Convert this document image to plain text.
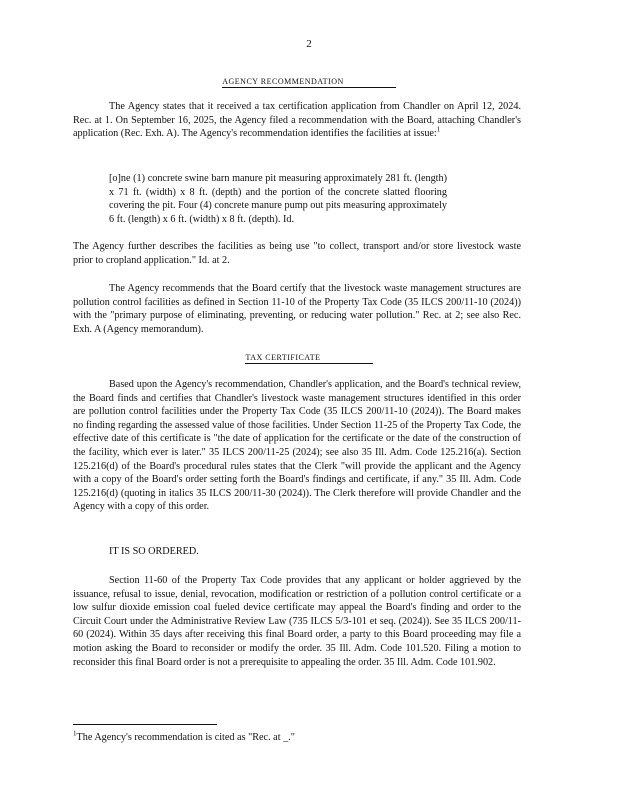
2
AGENCY RECOMMENDATION
The Agency states that it received a tax certification application from Chandler on April 12, 2024. Rec. at 1. On September 16, 2025, the Agency filed a recommendation with the Board, attaching Chandler's application (Rec. Exh. A). The Agency's recommendation identifies the facilities at issue:$^1$
[o]ne (1) concrete swine barn manure pit measuring approximately 281 ft. (length) x 71 ft. (width) x 8 ft. (depth) and the portion of the concrete slatted flooring covering the pit. Four (4) concrete manure pump out pits measuring approximately 6 ft. (length) x 6 ft. (width) x 8 ft. (depth). Id.
The Agency further describes the facilities as being use "to collect, transport and/or store livestock waste prior to cropland application." Id. at 2.
The Agency recommends that the Board certify that the livestock waste management structures are pollution control facilities as defined in Section 11-10 of the Property Tax Code (35 ILCS 200/11-10 (2024)) with the "primary purpose of eliminating, preventing, or reducing water pollution." Rec. at 2; see also Rec. Exh. A (Agency memorandum).
TAX CERTIFICATE
Based upon the Agency's recommendation, Chandler's application, and the Board's technical review, the Board finds and certifies that Chandler's livestock waste management structures identified in this order are pollution control facilities under the Property Tax Code (35 ILCS 200/11-10 (2024)). The Board makes no finding regarding the assessed value of those facilities. Under Section 11-25 of the Property Tax Code, the effective date of this certificate is "the date of application for the certificate or the date of the construction of the facility, which ever is later." 35 ILCS 200/11-25 (2024); see also 35 Ill. Adm. Code 125.216(a). Section 125.216(d) of the Board's procedural rules states that the Clerk "will provide the applicant and the Agency with a copy of the Board's order setting forth the Board's findings and certificate, if any." 35 Ill. Adm. Code 125.216(d) (quoting in italics 35 ILCS 200/11-30 (2024)). The Clerk therefore will provide Chandler and the Agency with a copy of this order.
IT IS SO ORDERED.
Section 11-60 of the Property Tax Code provides that any applicant or holder aggrieved by the issuance, refusal to issue, denial, revocation, modification or restriction of a pollution control certificate or a low sulfur dioxide emission coal fueled device certificate may appeal the Board's finding and order to the Circuit Court under the Administrative Review Law (735 ILCS 5/3-101 et seq. (2024)). See 35 ILCS 200/11-60 (2024). Within 35 days after receiving this final Board order, a party to this Board proceeding may file a motion asking the Board to reconsider or modify the order. 35 Ill. Adm. Code 101.520. Filing a motion to reconsider this final Board order is not a prerequisite to appealing the order. 35 Ill. Adm. Code 101.902.
$^1$The Agency's recommendation is cited as "Rec. at _."
